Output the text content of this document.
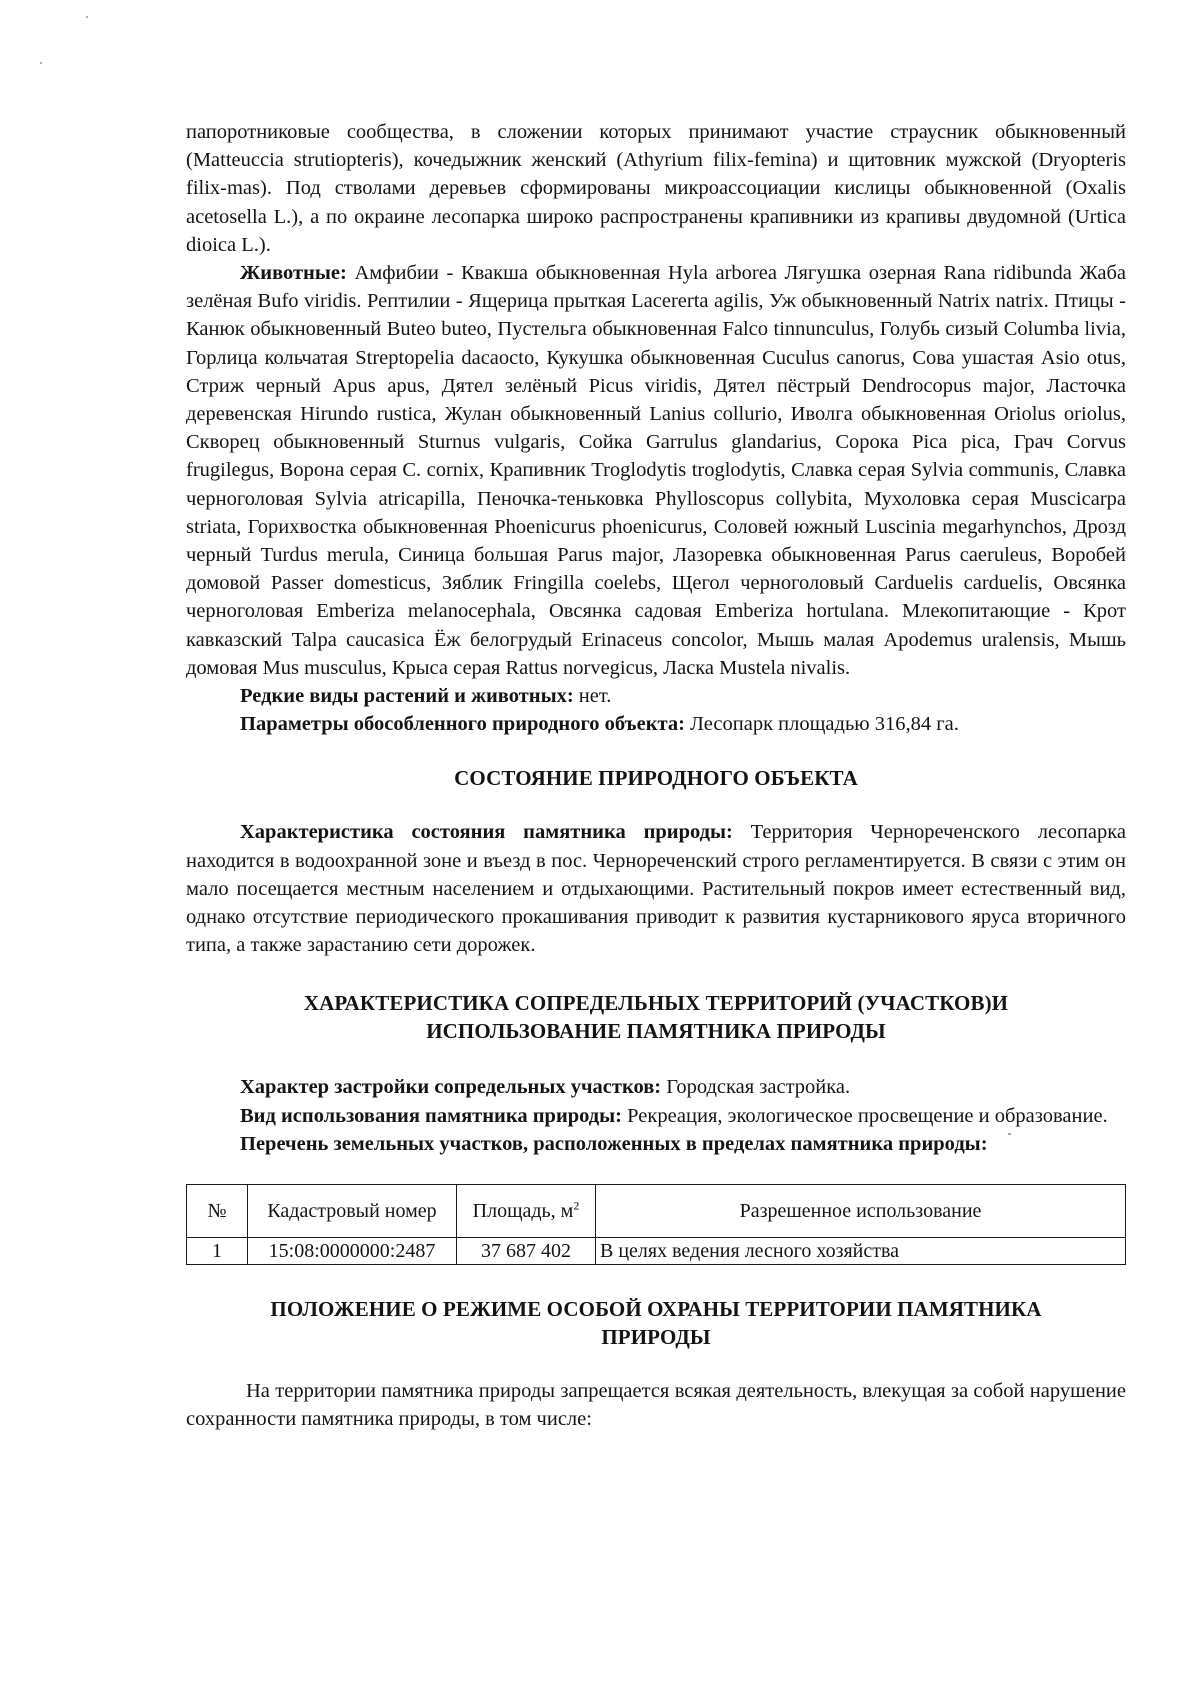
папоротниковые сообщества, в сложении которых принимают участие страусник обыкновенный (Matteuccia strutiopteris), кочедыжник женский (Athyrium filix-femina) и щитовник мужской (Dryopteris filix-mas). Под стволами деревьев сформированы микроассоциации кислицы обыкновенной (Oxalis acetosella L.), а по окраине лесопарка широко распространены крапивники из крапивы двудомной (Urtica dioica L.).

Животные: Амфибии - Квакша обыкновенная Hyla arborea Лягушка озерная Rana ridibunda Жаба зелёная Bufo viridis. Рептилии - Ящерица прыткая Lacererta agilis, Уж обыкновенный Natrix natrix. Птицы - Канюк обыкновенный Buteo buteo, Пустельга обыкновенная Falco tinnunculus, Голубь сизый Columba livia, Горлица кольчатая Streptopelia dacaocto, Кукушка обыкновенная Cuculus canorus, Сова ушастая Asio otus, Стриж черный Apus apus, Дятел зелёный Picus viridis, Дятел пёстрый Dendrocopus major, Ласточка деревенская Hirundo rustica, Жулан обыкновенный Lanius collurio, Иволга обыкновенная Oriolus oriolus, Скворец обыкновенный Sturnus vulgaris, Сойка Garrulus glandarius, Сорока Pica pica, Грач Corvus frugilegus, Ворона серая C. cornix, Крапивник Troglodytis troglodytis, Славка серая Sylvia communis, Славка черноголовая Sylvia atricapilla, Пеночка-теньковка Phylloscopus collybita, Мухоловка серая Muscicarpa striata, Горихвостка обыкновенная Phoenicurus phoenicurus, Соловей южный Luscinia megarhynchos, Дрозд черный Turdus merula, Синица большая Parus major, Лазоревка обыкновенная Parus caeruleus, Воробей домовой Passer domesticus, Зяблик Fringilla coelebs, Щегол черноголовый Carduelis carduelis, Овсянка черноголовая Emberiza melanocephala, Овсянка садовая Emberiza hortulana. Млекопитающие - Крот кавказский Talpa caucasica Ёж белогрудый Erinaceus concolor, Мышь малая Apodemus uralensis, Мышь домовая Mus musculus, Крыса серая Rattus norvegicus, Ласка Mustela nivalis.

Редкие виды растений и животных: нет.

Параметры обособленного природного объекта: Лесопарк площадью 316,84 га.

СОСТОЯНИЕ ПРИРОДНОГО ОБЪЕКТА

Характеристика состояния памятника природы: Территория Черноречeнского лесопарка находится в водоохранной зоне и въезд в пос. Черноречeнский строго регламентируется. В связи с этим он мало посещается местным населением и отдыхающими. Растительный покров имеет естественный вид, однако отсутствие периодического прокашивания приводит к развития кустарникового яруса вторичного типа, а также зарастанию сети дорожек.

ХАРАКТЕРИСТИКА СОПРЕДЕЛЬНЫХ ТЕРРИТОРИЙ (УЧАСТКОВ)И
ИСПОЛЬЗОВАНИЕ ПАМЯТНИКА ПРИРОДЫ

Характер застройки сопредельных участков: Городская застройка.

Вид использования памятника природы: Рекреация, экологическое просвещение и образование.

Перечень земельных участков, расположенных в пределах памятника природы:

№	Кадастровый номер	Площадь, $м^2$	Разрешенное использование
1	15:08:0000000:2487	37 687 402	В целях ведения лесного хозяйства
ПОЛОЖЕНИЕ О РЕЖИМЕ ОСОБОЙ ОХРАНЫ ТЕРРИТОРИИ ПАМЯТНИКА
ПРИРОДЫ

На территории памятника природы запрещается всякая деятельность, влекущая за собой нарушение сохранности памятника природы, в том числе:
